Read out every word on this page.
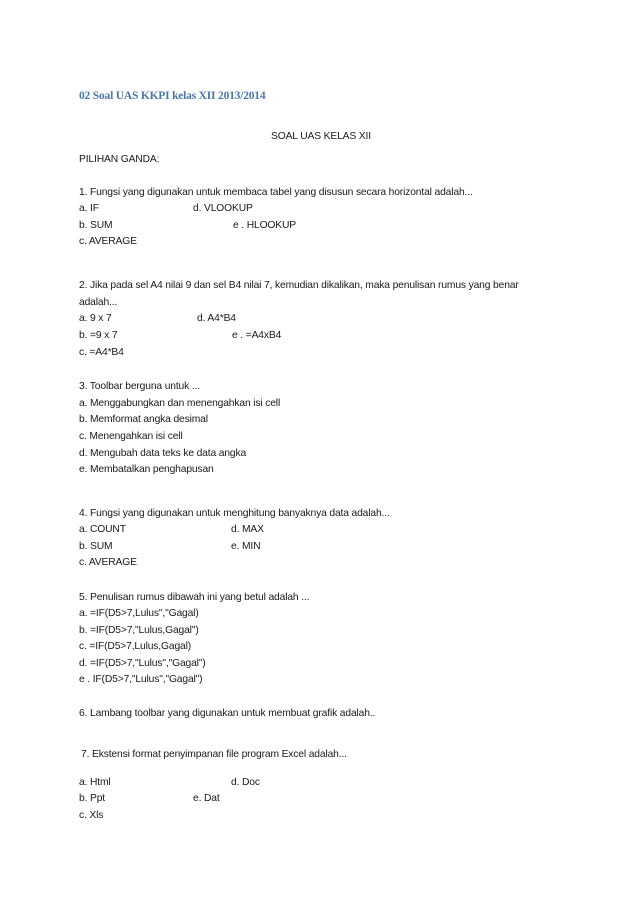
02 Soal UAS KKPI kelas XII 2013/2014
SOAL UAS KELAS XII
PILIHAN GANDA:
1. Fungsi yang digunakan untuk membaca tabel yang disusun secara horizontal adalah...
a. IF	d. VLOOKUP
b. SUM	e . HLOOKUP
c. AVERAGE
2. Jika pada sel A4 nilai 9 dan sel B4 nilai 7, kemudian dikalikan, maka penulisan rumus yang benar
adalah...
a. 9 x 7	d. A4*B4
b. =9 x 7	e . =A4xB4
c. =A4*B4
3. Toolbar berguna untuk ...
a. Menggabungkan dan menengahkan isi cell
b. Memformat angka desimal
c. Menengahkan isi cell
d. Mengubah data teks ke data angka
e. Membatalkan penghapusan
4. Fungsi yang digunakan untuk menghitung banyaknya data adalah...
a. COUNT	d. MAX
b. SUM	e. MIN
c. AVERAGE
5. Penulisan rumus dibawah ini yang betul adalah ...
a. =IF(D5>7,Lulus","Gagal)
b. =IF(D5>7,"Lulus,Gagal")
c. =IF(D5>7,Lulus,Gagal)
d. =IF(D5>7,"Lulus","Gagal")
e . IF(D5>7,"Lulus","Gagal")
6. Lambang toolbar yang digunakan untuk membuat grafik adalah..
7. Ekstensi format penyimpanan file program Excel adalah...
a. Html	d. Doc
b. Ppt	e. Dat
c. Xls
